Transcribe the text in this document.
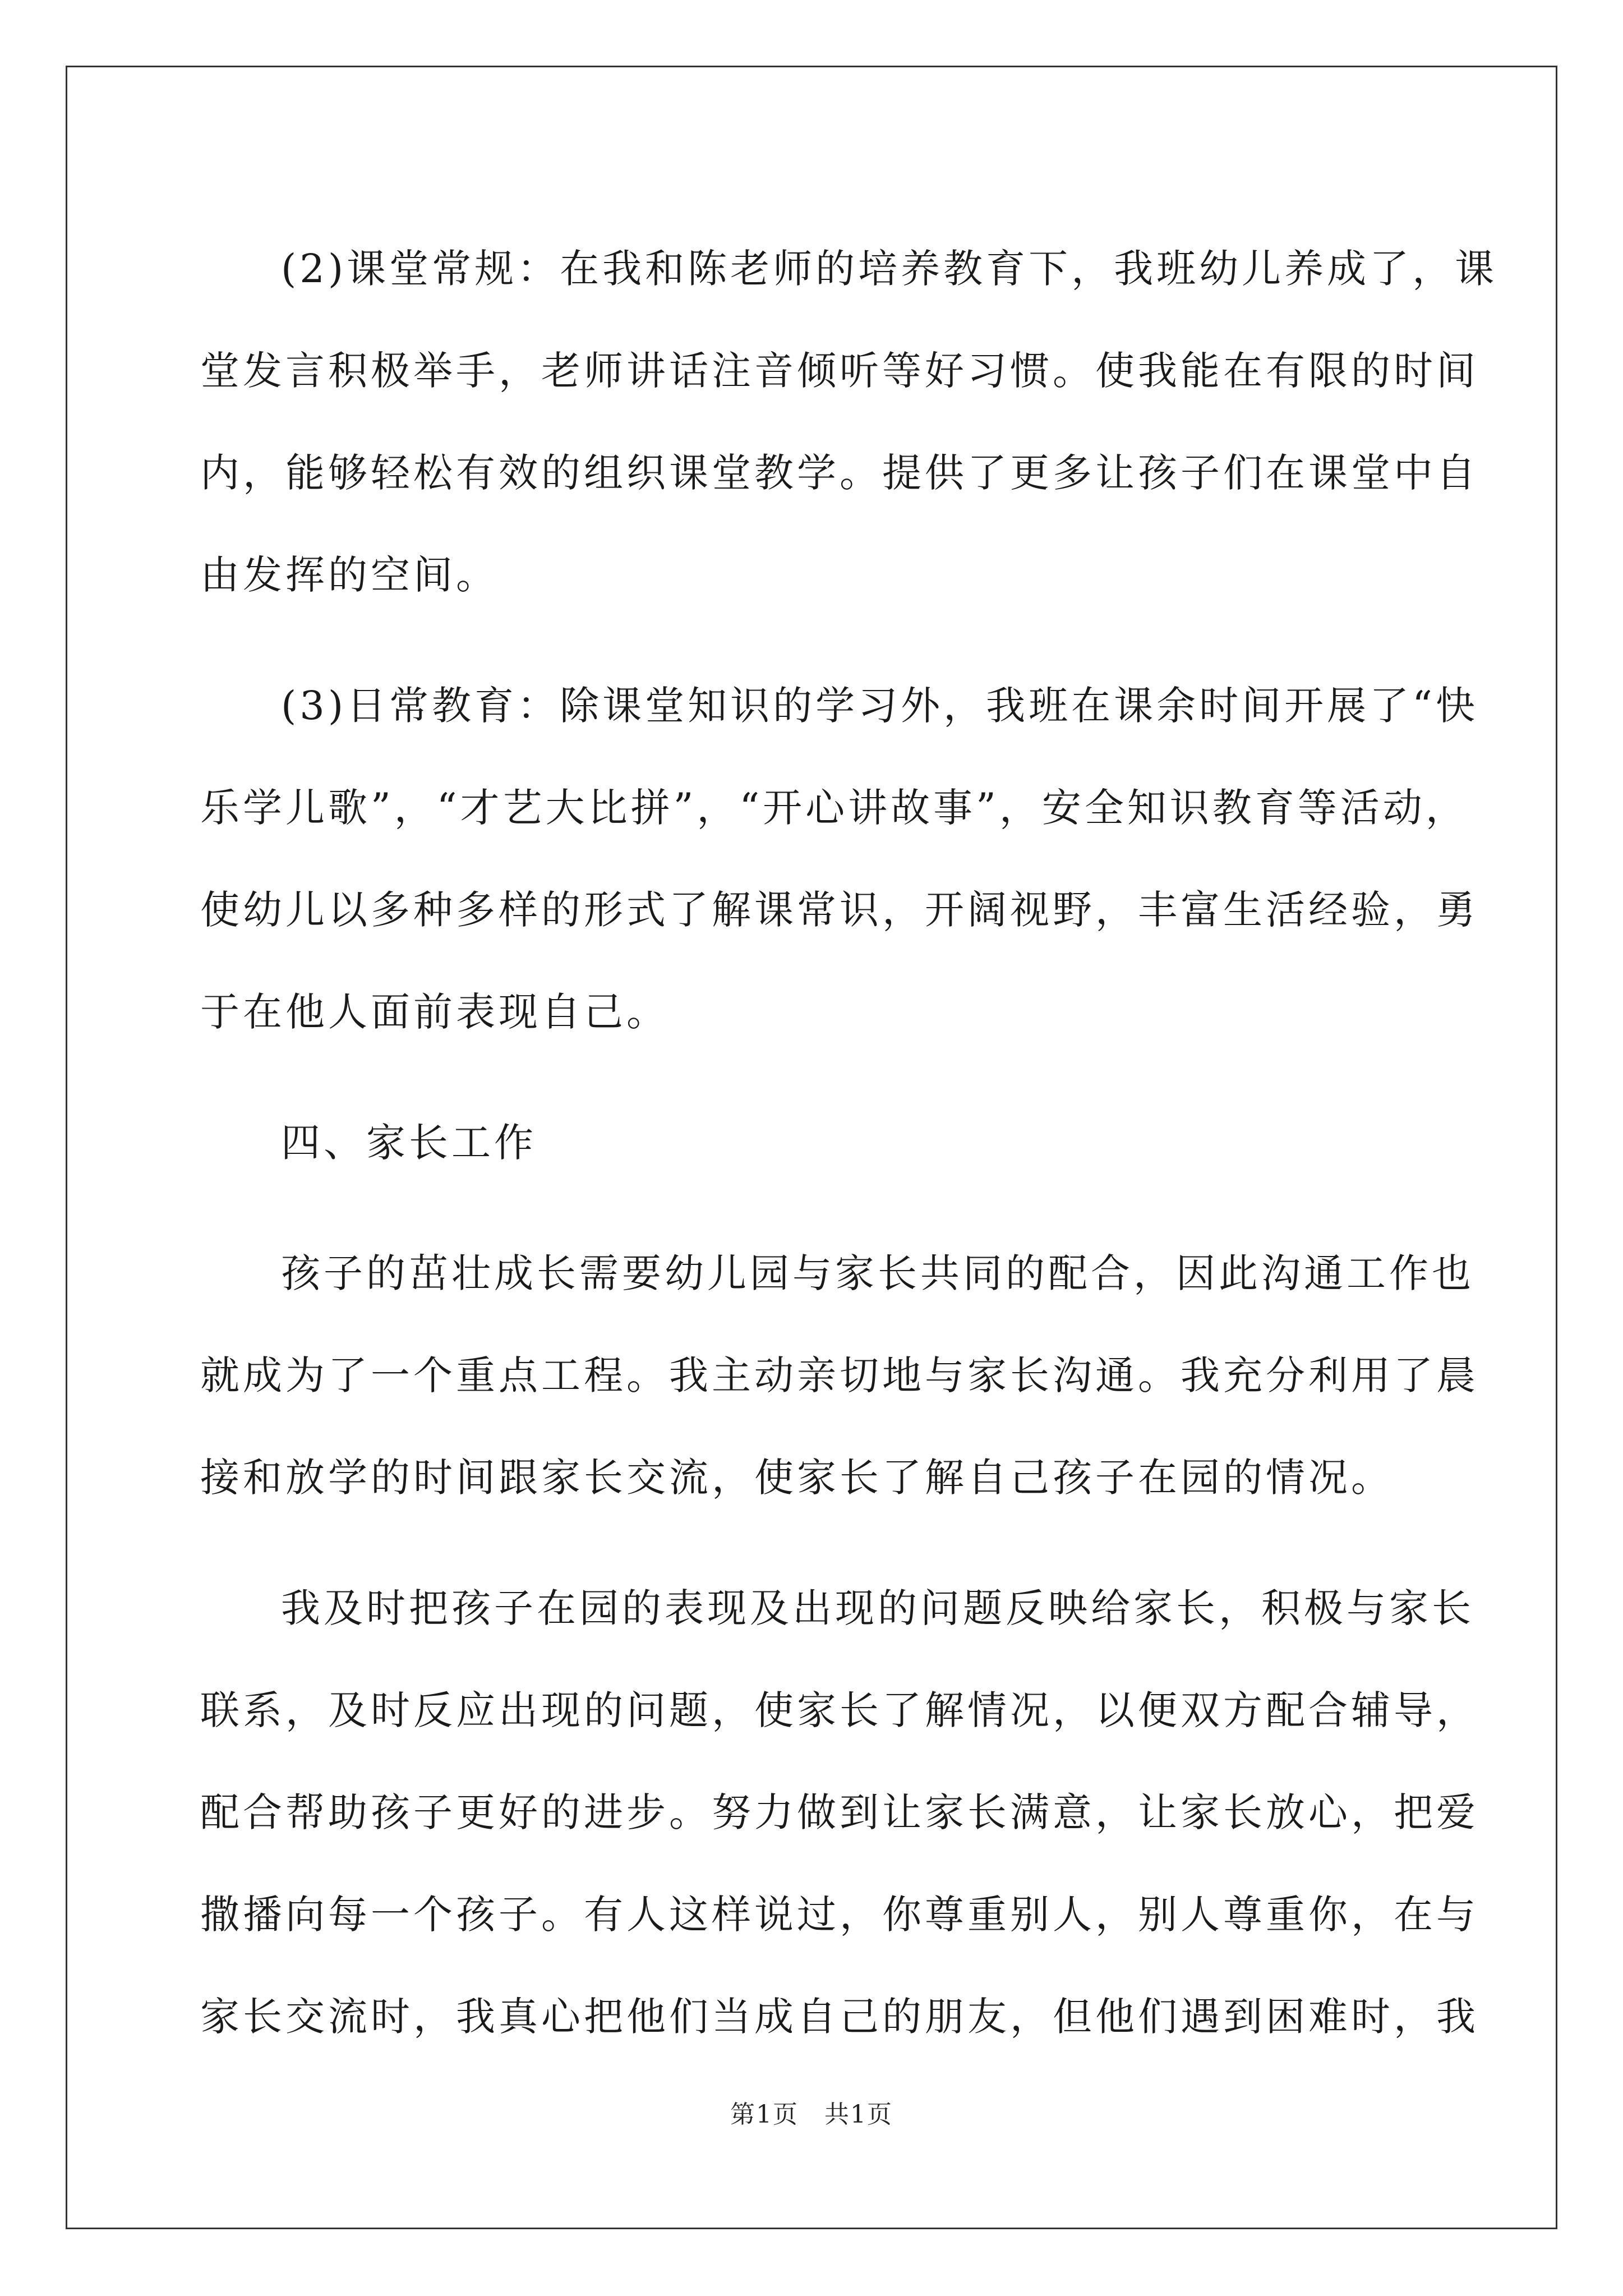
(2)课堂常规：在我和陈老师的培养教育下，我班幼儿养成了，课
堂发言积极举手，老师讲话注音倾听等好习惯。使我能在有限的时间
内，能够轻松有效的组织课堂教学。提供了更多让孩子们在课堂中自
由发挥的空间。
(3)日常教育：除课堂知识的学习外，我班在课余时间开展了“快
乐学儿歌”，“才艺大比拼”，“开心讲故事”，安全知识教育等活动，
使幼儿以多种多样的形式了解课常识，开阔视野，丰富生活经验，勇
于在他人面前表现自己。
四、家长工作
孩子的茁壮成长需要幼儿园与家长共同的配合，因此沟通工作也
就成为了一个重点工程。我主动亲切地与家长沟通。我充分利用了晨
接和放学的时间跟家长交流，使家长了解自己孩子在园的情况。
我及时把孩子在园的表现及出现的问题反映给家长，积极与家长
联系，及时反应出现的问题，使家长了解情况，以便双方配合辅导，
配合帮助孩子更好的进步。努力做到让家长满意，让家长放心，把爱
撒播向每一个孩子。有人这样说过，你尊重别人，别人尊重你，在与
家长交流时，我真心把他们当成自己的朋友，但他们遇到困难时，我
第1页　共1页
